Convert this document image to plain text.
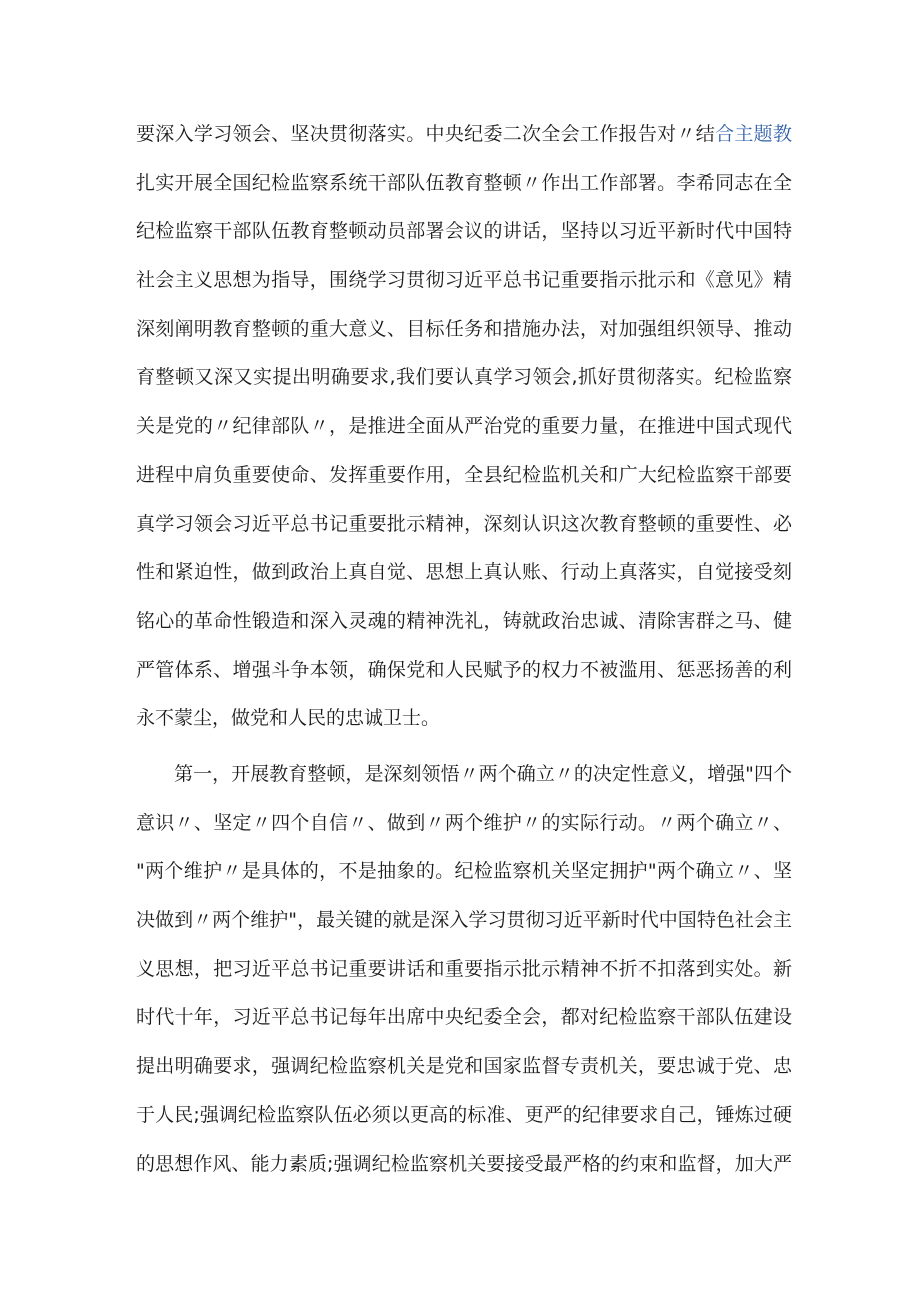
要深入学习领会、坚决贯彻落实。中央纪委二次全会工作报告对〃结合主题教
扎实开展全国纪检监察系统干部队伍教育整顿〃作出工作部署。李希同志在全
纪检监察干部队伍教育整顿动员部署会议的讲话，坚持以习近平新时代中国特
社会主义思想为指导，围绕学习贯彻习近平总书记重要指示批示和《意见》精
深刻阐明教育整顿的重大意义、目标任务和措施办法，对加强组织领导、推动
育整顿又深又实提出明确要求,我们要认真学习领会,抓好贯彻落实。纪检监察
关是党的〃纪律部队〃，是推进全面从严治党的重要力量，在推进中国式现代
进程中肩负重要使命、发挥重要作用，全县纪检监机关和广大纪检监察干部要
真学习领会习近平总书记重要批示精神，深刻认识这次教育整顿的重要性、必
性和紧迫性，做到政治上真自觉、思想上真认账、行动上真落实，自觉接受刻
铭心的革命性锻造和深入灵魂的精神洗礼，铸就政治忠诚、清除害群之马、健
严管体系、增强斗争本领，确保党和人民赋予的权力不被滥用、惩恶扬善的利
永不蒙尘，做党和人民的忠诚卫士。
　　第一，开展教育整顿，是深刻领悟〃两个确立〃的决定性意义，增强"四个
意识〃、坚定〃四个自信〃、做到〃两个维护〃的实际行动。〃两个确立〃、
"两个维护〃是具体的，不是抽象的。纪检监察机关坚定拥护"两个确立〃、坚
决做到〃两个维护"，最关键的就是深入学习贯彻习近平新时代中国特色社会主
义思想，把习近平总书记重要讲话和重要指示批示精神不折不扣落到实处。新
时代十年，习近平总书记每年出席中央纪委全会，都对纪检监察干部队伍建设
提出明确要求，强调纪检监察机关是党和国家监督专责机关，要忠诚于党、忠
于人民;强调纪检监察队伍必须以更高的标准、更严的纪律要求自己，锤炼过硬
的思想作风、能力素质;强调纪检监察机关要接受最严格的约束和监督，加大严
